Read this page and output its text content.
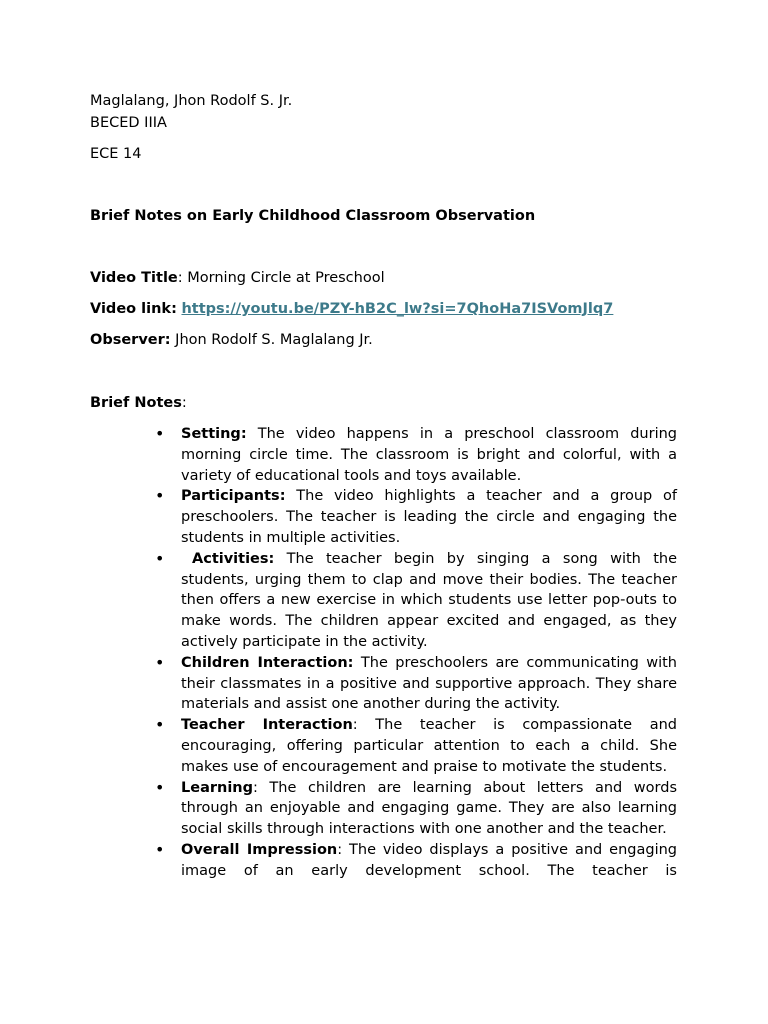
Maglalang, Jhon Rodolf S. Jr.
BECED IIIA
ECE 14
Brief Notes on Early Childhood Classroom Observation
Video Title: Morning Circle at Preschool
Video link: https://youtu.be/PZY-hB2C_lw?si=7QhoHa7ISVomJlq7
Observer: Jhon Rodolf S. Maglalang Jr.
Brief Notes:
• Setting: The video happens in a preschool classroom during morning circle time. The classroom is bright and colorful, with a variety of educational tools and toys available.
• Participants: The video highlights a teacher and a group of preschoolers. The teacher is leading the circle and engaging the students in multiple activities.
•	Activities: The teacher begin by singing a song with the students, urging them to clap and move their bodies. The teacher then offers a new exercise in which students use letter pop-outs to make words. The children appear excited and engaged, as they actively participate in the activity.
• Children Interaction: The preschoolers are communicating with their classmates in a positive and supportive approach. They share materials and assist one another during the activity.
• Teacher Interaction: The teacher is compassionate and encouraging, offering particular attention to each a child. She makes use of encouragement and praise to motivate the students.
• Learning: The children are learning about letters and words through an enjoyable and engaging game. They are also learning social skills through interactions with one another and the teacher.
• Overall Impression: The video displays a positive and engaging image of an early development school. The teacher is
